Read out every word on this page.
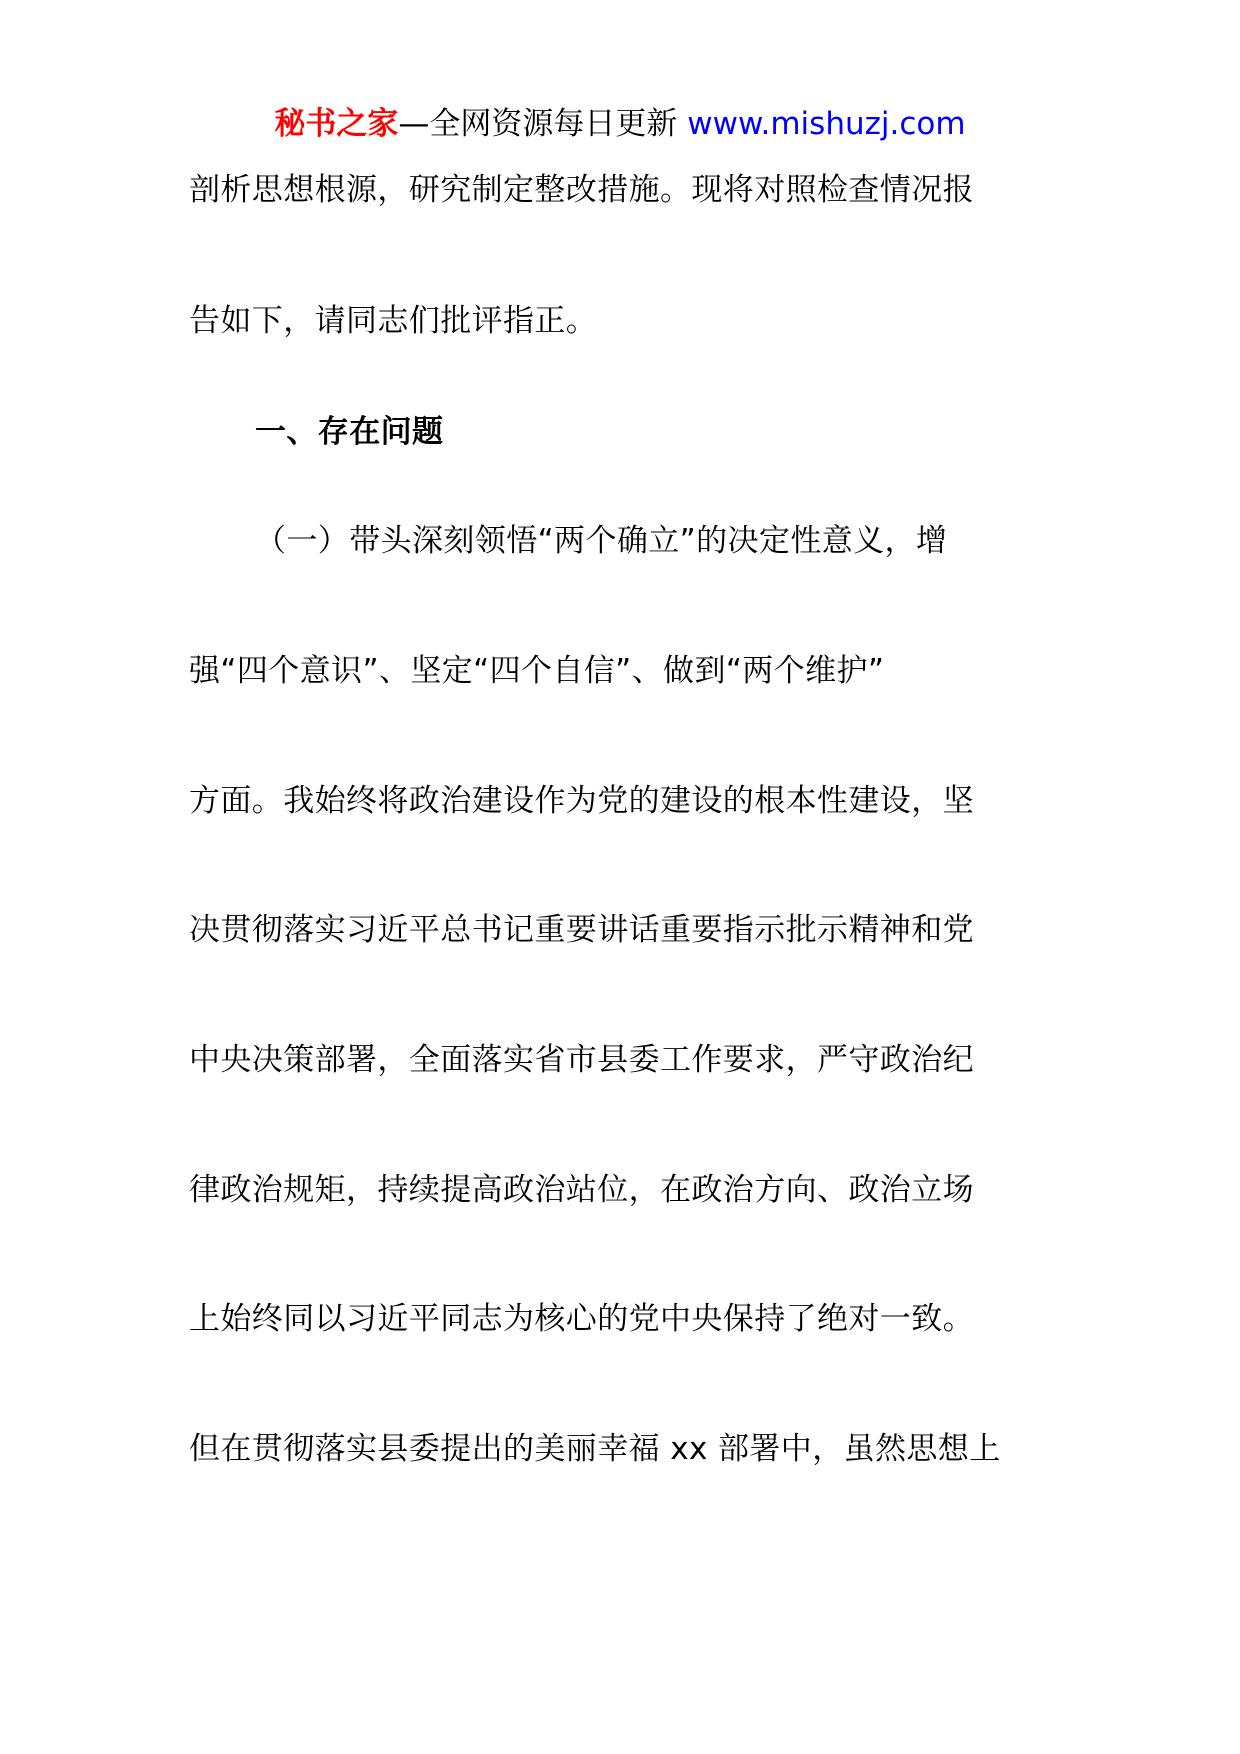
秘书之家—全网资源每日更新 www.mishuzj.com
剖析思想根源，研究制定整改措施。现将对照检查情况报
告如下，请同志们批评指正。
一、存在问题
（一）带头深刻领悟“两个确立”的决定性意义，增
强“四个意识”、坚定“四个自信”、做到“两个维护”
方面。我始终将政治建设作为党的建设的根本性建设，坚
决贯彻落实习近平总书记重要讲话重要指示批示精神和党
中央决策部署，全面落实省市县委工作要求，严守政治纪
律政治规矩，持续提高政治站位，在政治方向、政治立场
上始终同以习近平同志为核心的党中央保持了绝对一致。
但在贯彻落实县委提出的美丽幸福 xx 部署中，虽然思想上
